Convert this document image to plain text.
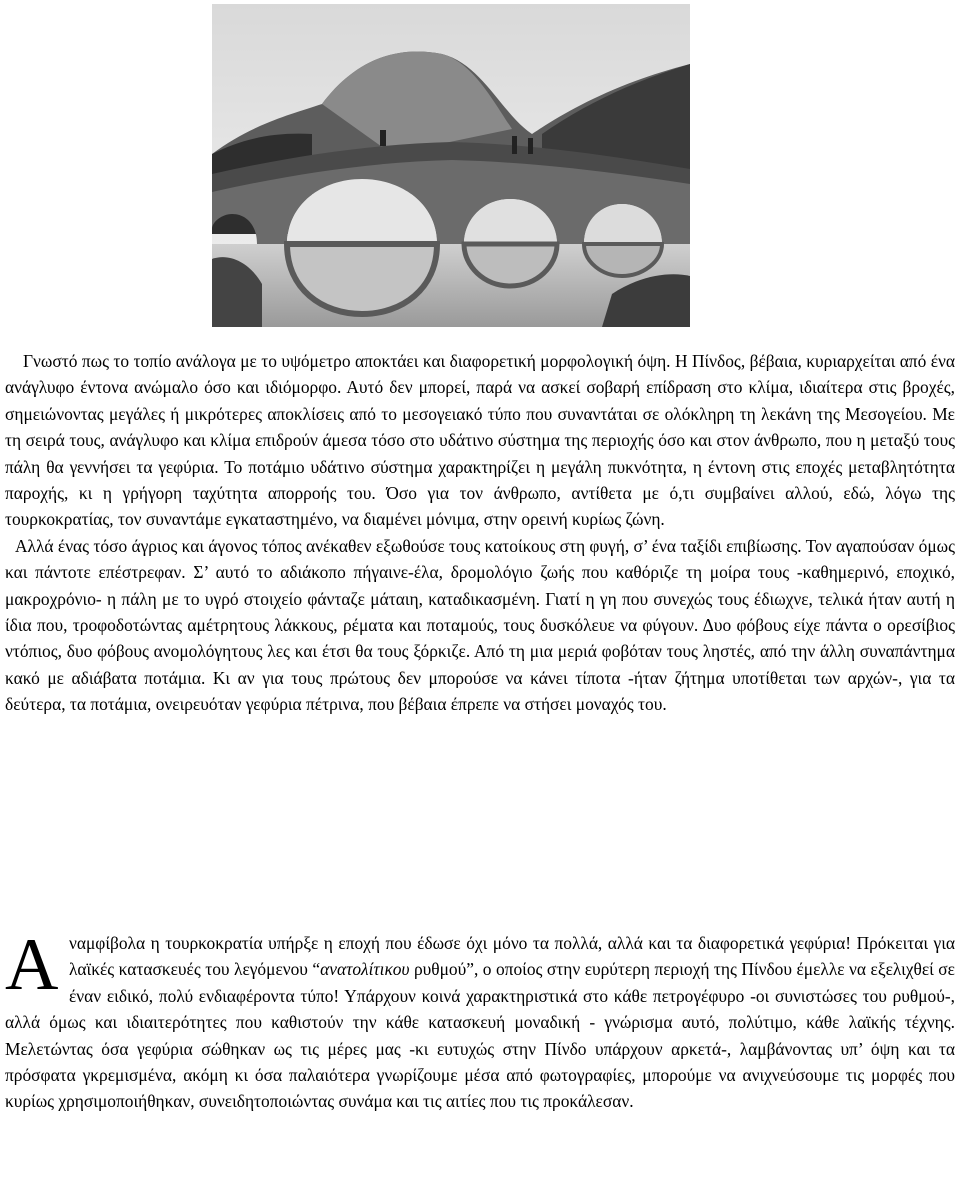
Γνωστό πως το τοπίο ανάλογα με το υψόμετρο αποκτάει και διαφορετική μορφολογική όψη. Η Πίνδος, βέβαια, κυριαρχείται από ένα ανάγλυφο έντονα ανώμαλο όσο και ιδιόμορφο. Αυτό δεν μπορεί, παρά να ασκεί σοβαρή επίδραση στο κλίμα, ιδιαίτερα στις βροχές, σημειώνοντας μεγάλες ή μικρότερες αποκλίσεις από το μεσογειακό τύπο που συναντάται σε ολόκληρη τη λεκάνη της Μεσογείου. Με τη σειρά τους, ανάγλυφο και κλίμα επιδρούν άμεσα τόσο στο υδάτινο σύστημα της περιοχής όσο και στον άνθρωπο, που η μεταξύ τους πάλη θα γεννήσει τα γεφύρια. Το ποτάμιο υδάτινο σύστημα χαρακτηρίζει η μεγάλη πυκνότητα, η έντονη στις εποχές μεταβλητότητα παροχής, κι η γρήγορη ταχύτητα απορροής του. Όσο για τον άνθρωπο, αντίθετα με ό,τι συμβαίνει αλλού, εδώ, λόγω της τουρκοκρατίας, τον συναντάμε εγκαταστημένο, να διαμένει μόνιμα, στην ορεινή κυρίως ζώνη.

Αλλά ένας τόσο άγριος και άγονος τόπος ανέκαθεν εξωθούσε τους κατοίκους στη φυγή, σ’ ένα ταξίδι επιβίωσης. Τον αγαπούσαν όμως και πάντοτε επέστρεφαν. Σ’ αυτό το αδιάκοπο πήγαινε-έλα, δρομολόγιο ζωής που καθόριζε τη μοίρα τους -καθημερινό, εποχικό, μακροχρόνιο- η πάλη με το υγρό στοιχείο φάνταζε μάταιη, καταδικασμένη. Γιατί η γη που συνεχώς τους έδιωχνε, τελικά ήταν αυτή η ίδια που, τροφοδοτώντας αμέτρητους λάκκους, ρέματα και ποταμούς, τους δυσκόλευε να φύγουν. Δυο φόβους είχε πάντα ο ορεσίβιος ντόπιος, δυο φόβους ανομολόγητους λες και έτσι θα τους ξόρκιζε. Από τη μια μεριά φοβόταν τους ληστές, από την άλλη συναπάντημα κακό με αδιάβατα ποτάμια. Κι αν για τους πρώτους δεν μπορούσε να κάνει τίποτα -ήταν ζήτημα υποτίθεται των αρχών-, για τα δεύτερα, τα ποτάμια, ονειρευόταν γεφύρια πέτρινα, που βέβαια έπρεπε να στήσει μοναχός του.

Αναμφίβολα η τουρκοκρατία υπήρξε η εποχή που έδωσε όχι μόνο τα πολλά, αλλά και τα διαφορετικά γεφύρια! Πρόκειται για λαϊκές κατασκευές του λεγόμενου “ανατολίτικου ρυθμού”, ο οποίος στην ευρύτερη περιοχή της Πίνδου έμελλε να εξελιχθεί σε έναν ειδικό, πολύ ενδιαφέροντα τύπο! Υπάρχουν κοινά χαρακτηριστικά στο κάθε πετρογέφυρο -οι συνιστώσες του ρυθμού-, αλλά όμως και ιδιαιτερότητες που καθιστούν την κάθε κατασκευή μοναδική - γνώρισμα αυτό, πολύτιμο, κάθε λαϊκής τέχνης. Μελετώντας όσα γεφύρια σώθηκαν ως τις μέρες μας -κι ευτυχώς στην Πίνδο υπάρχουν αρκετά-, λαμβάνοντας υπ’ όψη και τα πρόσφατα γκρεμισμένα, ακόμη κι όσα παλαιότερα γνωρίζουμε μέσα από φωτογραφίες, μπορούμε να ανιχνεύσουμε τις μορφές που κυρίως χρησιμοποιήθηκαν, συνειδητοποιώντας συνάμα και τις αιτίες που τις προκάλεσαν.
